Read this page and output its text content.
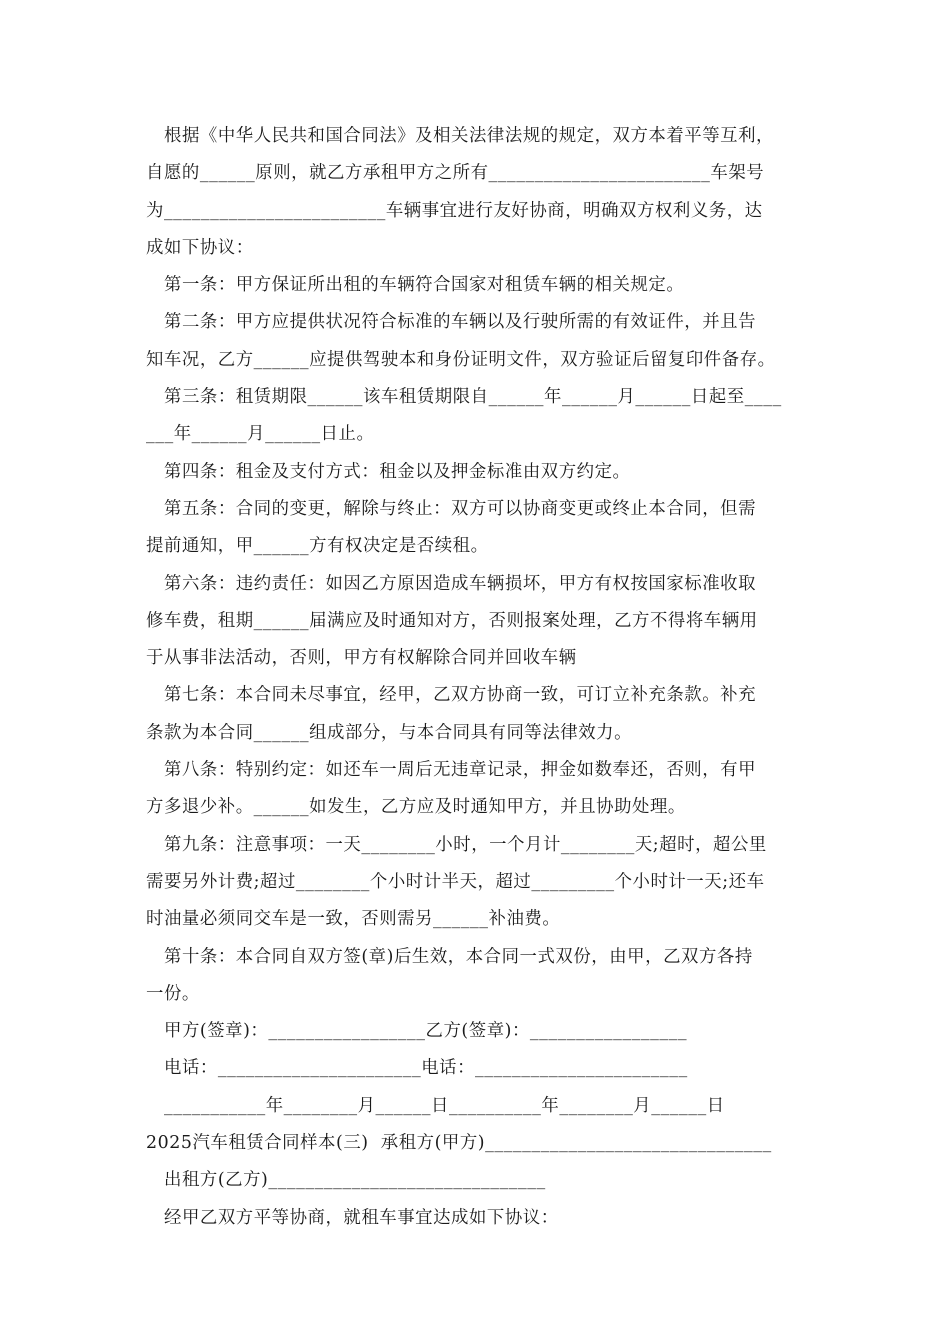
根据《中华人民共和国合同法》及相关法律法规的规定，双方本着平等互利，
自愿的______原则，就乙方承租甲方之所有________________________车架号
为________________________车辆事宜进行友好协商，明确双方权利义务，达
成如下协议：
第一条：甲方保证所出租的车辆符合国家对租赁车辆的相关规定。
第二条：甲方应提供状况符合标准的车辆以及行驶所需的有效证件，并且告
知车况，乙方______应提供驾驶本和身份证明文件，双方验证后留复印件备存。
第三条：租赁期限______该车租赁期限自______年______月______日起至____
___年______月______日止。
第四条：租金及支付方式：租金以及押金标准由双方约定。
第五条：合同的变更，解除与终止：双方可以协商变更或终止本合同，但需
提前通知，甲______方有权决定是否续租。
第六条：违约责任：如因乙方原因造成车辆损坏，甲方有权按国家标准收取
修车费，租期______届满应及时通知对方，否则报案处理，乙方不得将车辆用
于从事非法活动，否则，甲方有权解除合同并回收车辆
第七条：本合同未尽事宜，经甲，乙双方协商一致，可订立补充条款。补充
条款为本合同______组成部分，与本合同具有同等法律效力。
第八条：特别约定：如还车一周后无违章记录，押金如数奉还，否则，有甲
方多退少补。______如发生，乙方应及时通知甲方，并且协助处理。
第九条：注意事项：一天________小时，一个月计________天;超时，超公里
需要另外计费;超过________个小时计半天，超过_________个小时计一天;还车
时油量必须同交车是一致，否则需另______补油费。
第十条：本合同自双方签(章)后生效，本合同一式双份，由甲，乙双方各持
一份。
甲方(签章)：_________________乙方(签章)：_________________
电话：______________________电话：_______________________
___________年________月______日__________年________月______日
2025汽车租赁合同样本(三)  承租方(甲方)_______________________________
出租方(乙方)______________________________
经甲乙双方平等协商，就租车事宜达成如下协议：
